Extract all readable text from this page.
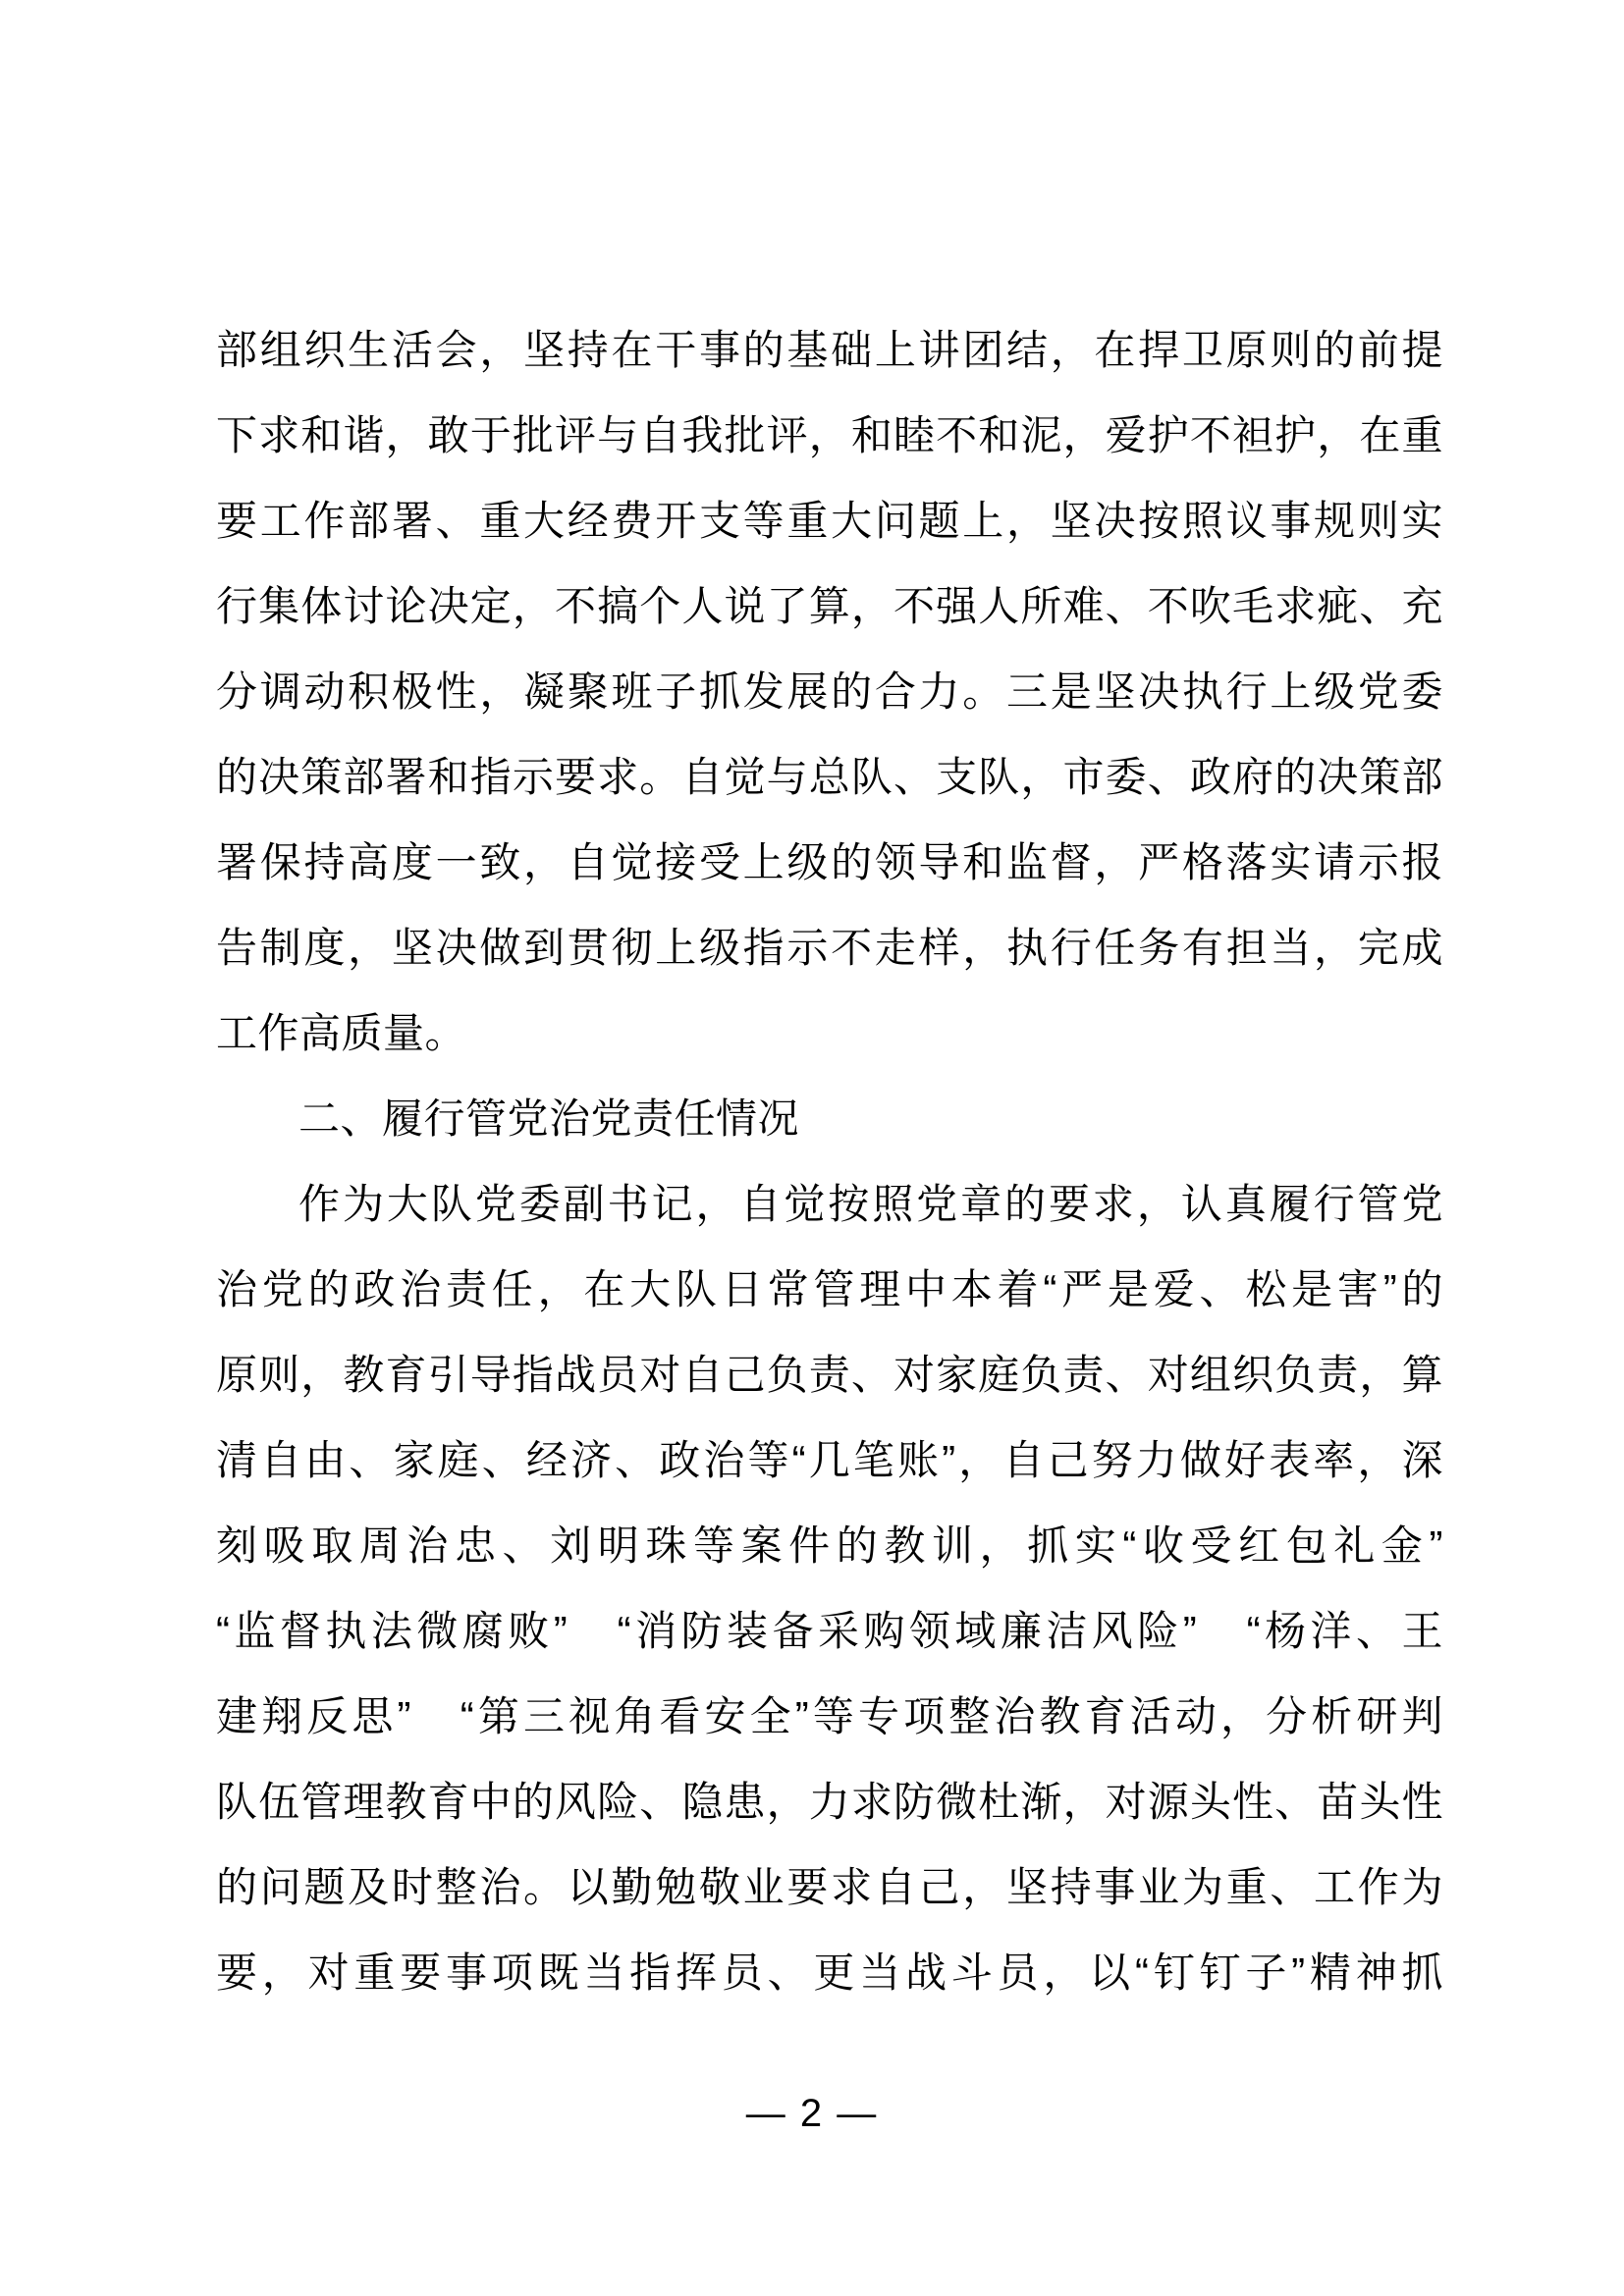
部组织生活会，坚持在干事的基础上讲团结，在捍卫原则的前提
下求和谐，敢于批评与自我批评，和睦不和泥，爱护不袒护，在重
要工作部署、重大经费开支等重大问题上，坚决按照议事规则实
行集体讨论决定，不搞个人说了算，不强人所难、不吹毛求疵、充
分调动积极性，凝聚班子抓发展的合力。三是坚决执行上级党委
的决策部署和指示要求。自觉与总队、支队，市委、政府的决策部
署保持高度一致，自觉接受上级的领导和监督，严格落实请示报
告制度，坚决做到贯彻上级指示不走样，执行任务有担当，完成
工作高质量。
二、履行管党治党责任情况
作为大队党委副书记，自觉按照党章的要求，认真履行管党
治党的政治责任，在大队日常管理中本着“严是爱、松是害”的
原则，教育引导指战员对自己负责、对家庭负责、对组织负责，算
清自由、家庭、经济、政治等“几笔账”，自己努力做好表率，深
刻吸取周治忠、刘明珠等案件的教训，抓实“收受红包礼金”
“监督执法微腐败”　“消防装备采购领域廉洁风险”　“杨洋、王
建翔反思”　“第三视角看安全”等专项整治教育活动，分析研判
队伍管理教育中的风险、隐患，力求防微杜渐，对源头性、苗头性
的问题及时整治。以勤勉敬业要求自己，坚持事业为重、工作为
要，对重要事项既当指挥员、更当战斗员，以“钉钉子”精神抓
— 2 —
